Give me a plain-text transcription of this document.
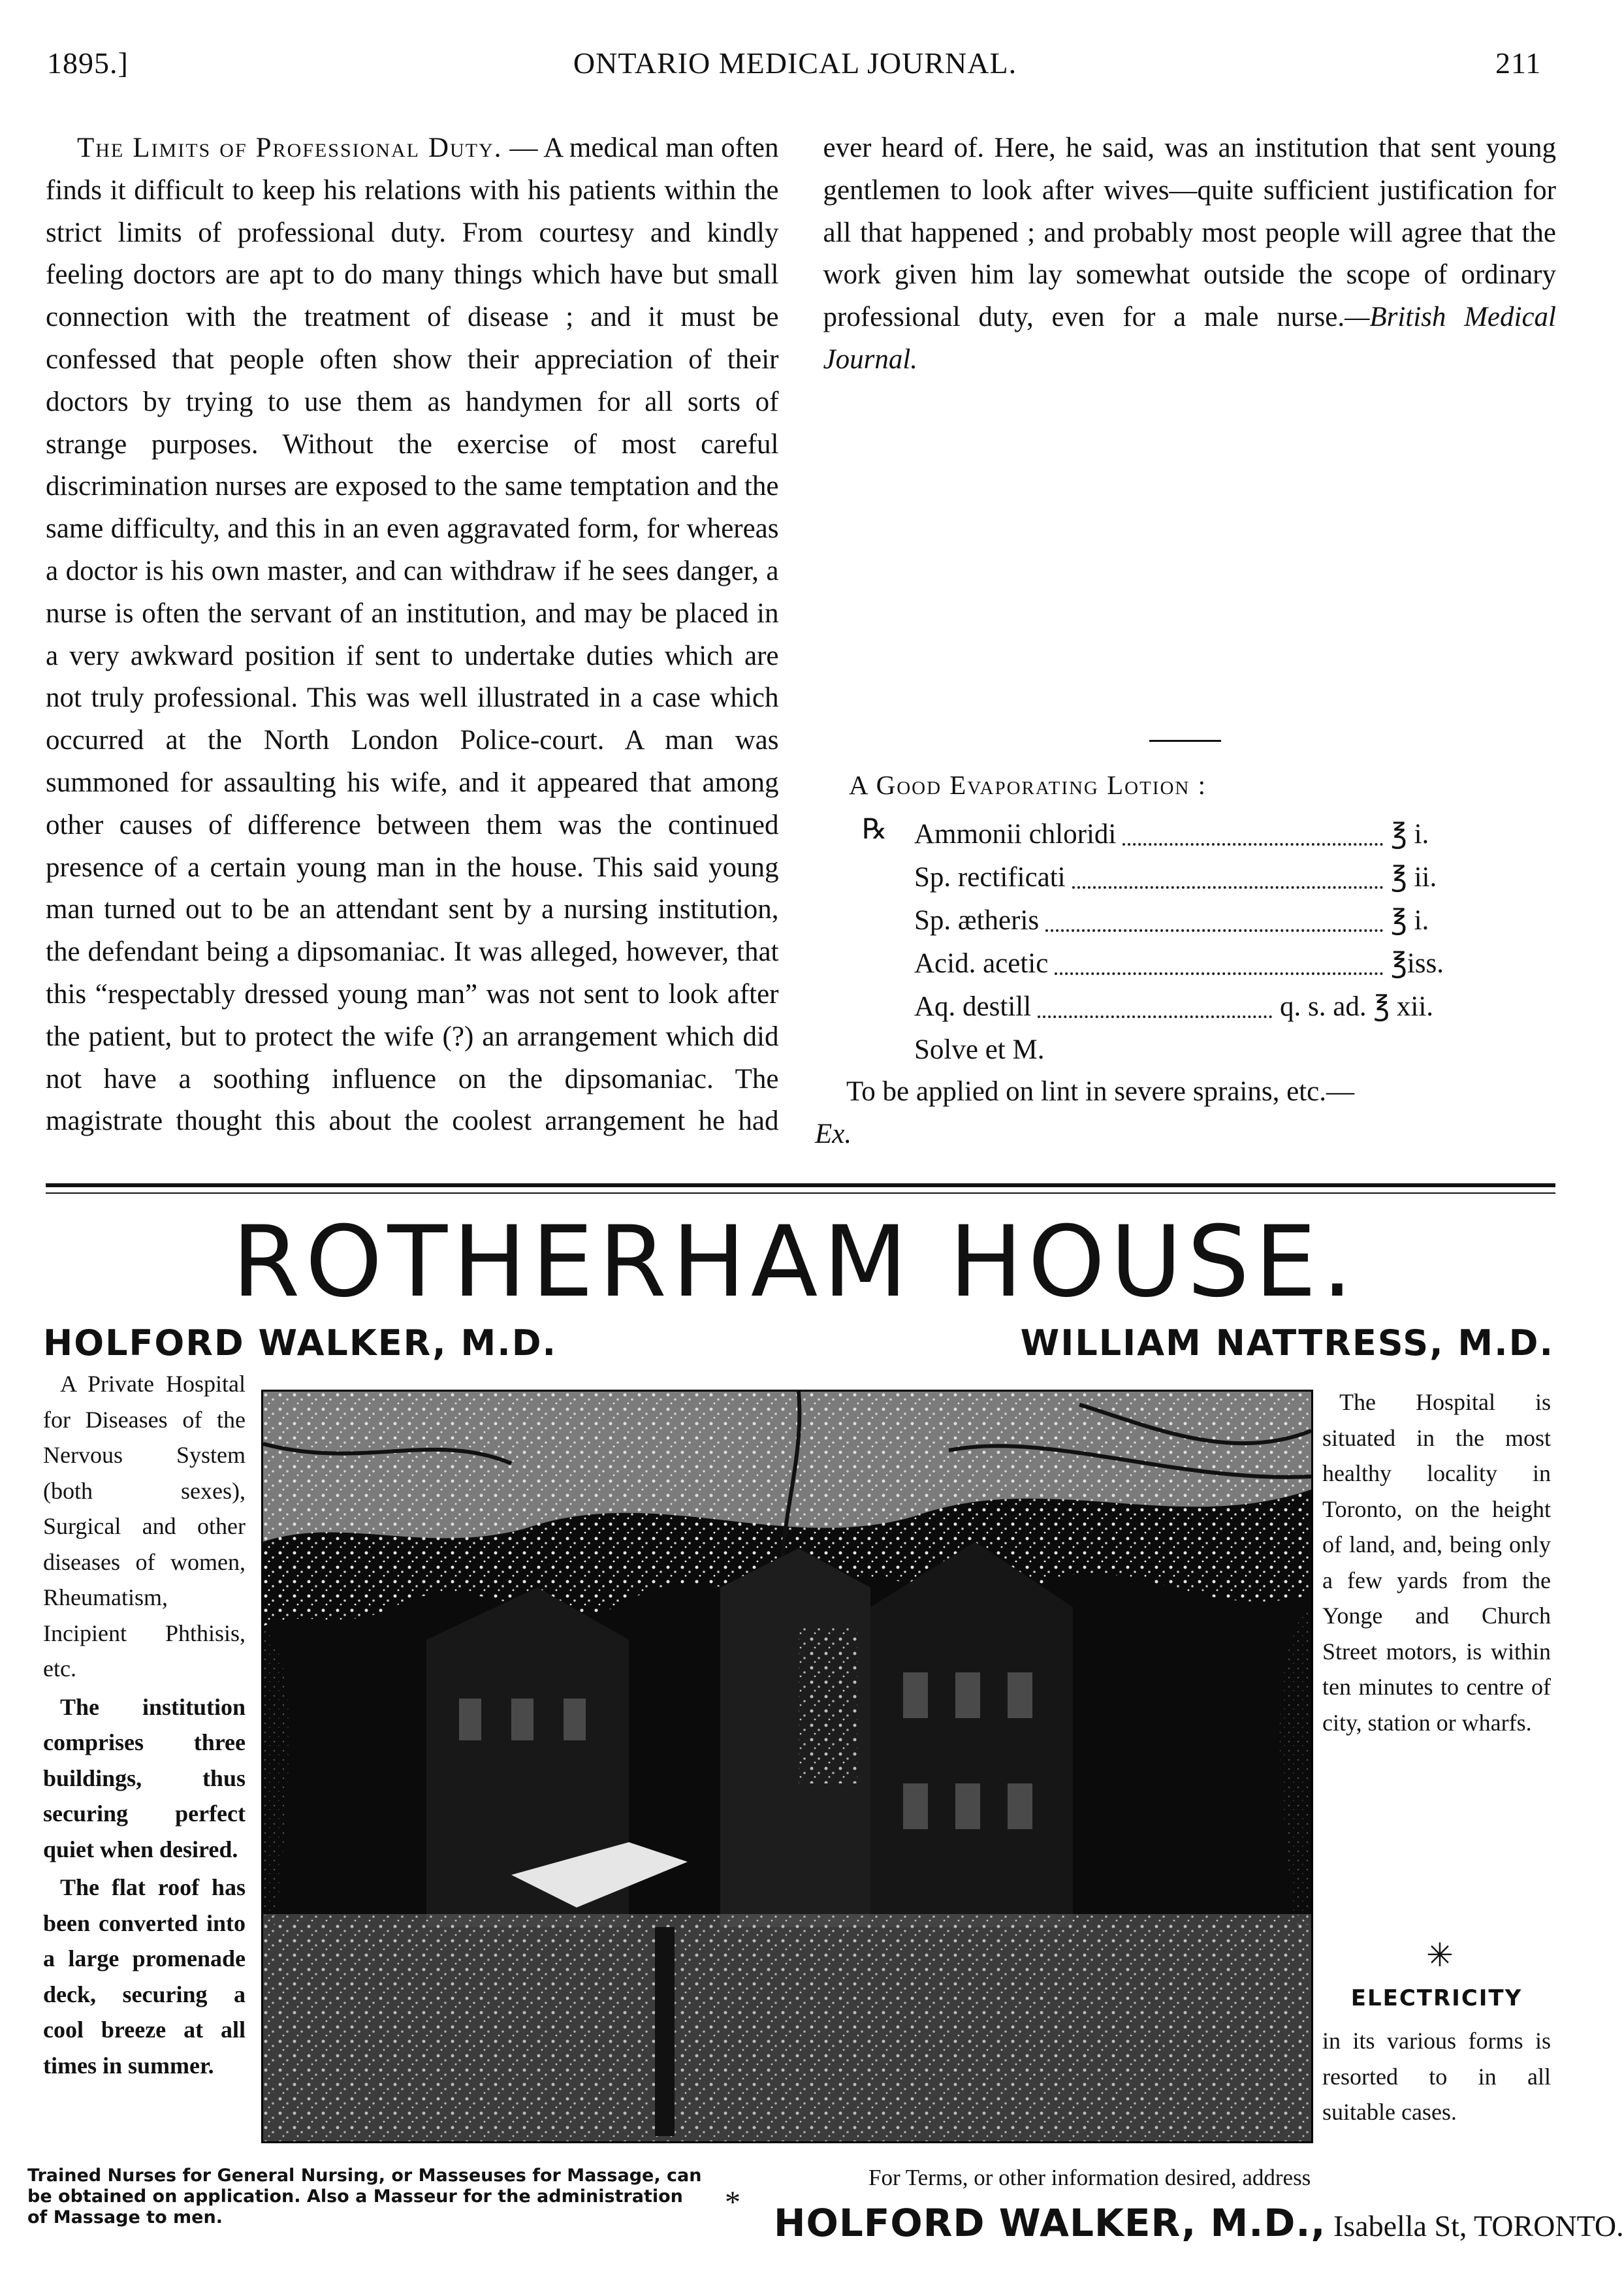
1895.]	ONTARIO MEDICAL JOURNAL.	211

The Limits of Professional Duty. — A medical man often finds it difficult to keep his relations with his patients within the strict limits of professional duty. From courtesy and kindly feeling doctors are apt to do many things which have but small connection with the treatment of disease ; and it must be confessed that people often show their appreciation of their doctors by trying to use them as handymen for all sorts of strange purposes. Without the exercise of most careful discrimination nurses are exposed to the same temptation and the same difficulty, and this in an even aggravated form, for whereas a doctor is his own master, and can withdraw if he sees danger, a nurse is often the servant of an institution, and may be placed in a very awkward position if sent to undertake duties which are not truly professional. This was well illustrated in a case which occurred at the North London Police-court. A man was summoned for assaulting his wife, and it appeared that among other causes of difference between them was the continued presence of a certain young man in the house. This said young man turned out to be an attendant sent by a nursing institution, the defendant being a dipsomaniac. It was alleged, however, that this “respectably dressed young man” was not sent to look after the patient, but to protect the wife (?) an arrangement which did not have a soothing influence on the dipsomaniac. The magistrate thought this about the coolest arrangement he had ever heard of. Here, he said, was an institution that sent young gentlemen to look after wives—quite sufficient justification for all that happened ; and probably most people will agree that the work given him lay somewhat outside the scope of ordinary professional duty, even for a male nurse.—British Medical Journal.

A Good Evaporating Lotion :
℞ Ammonii chloridi	℥ i.
Sp. rectificati	℥ ii.
Sp. ætheris	℥ i.
Acid. acetic	℥iss.
Aq. destill	q. s. ad. ℥ xii.
Solve et M.
To be applied on lint in severe sprains, etc.—
Ex.
ROTHERHAM HOUSE.
HOLFORD WALKER, M.D.	WILLIAM NATTRESS, M.D.

A Private Hospital for Diseases of the Nervous System (both sexes), Surgical and other diseases of women, Rheumatism, Incipient Phthisis, etc.

The institution comprises three buildings, thus securing perfect quiet when desired.

The flat roof has been converted into a large promenade deck, securing a cool breeze at all times in summer.

The Hospital is situated in the most healthy locality in Toronto, on the height of land, and, being only a few yards from the Yonge and Church Street motors, is within ten minutes to centre of city, station or wharfs.

✳
ELECTRICITY
in its various forms is resorted to in all suitable cases.
Trained Nurses for General Nursing, or Masseuses for Massage, can be obtained on application. Also a Masseur for the administration of Massage to men.	*
For Terms, or other information desired, address
HOLFORD WALKER, M.D., Isabella St, TORONTO.
